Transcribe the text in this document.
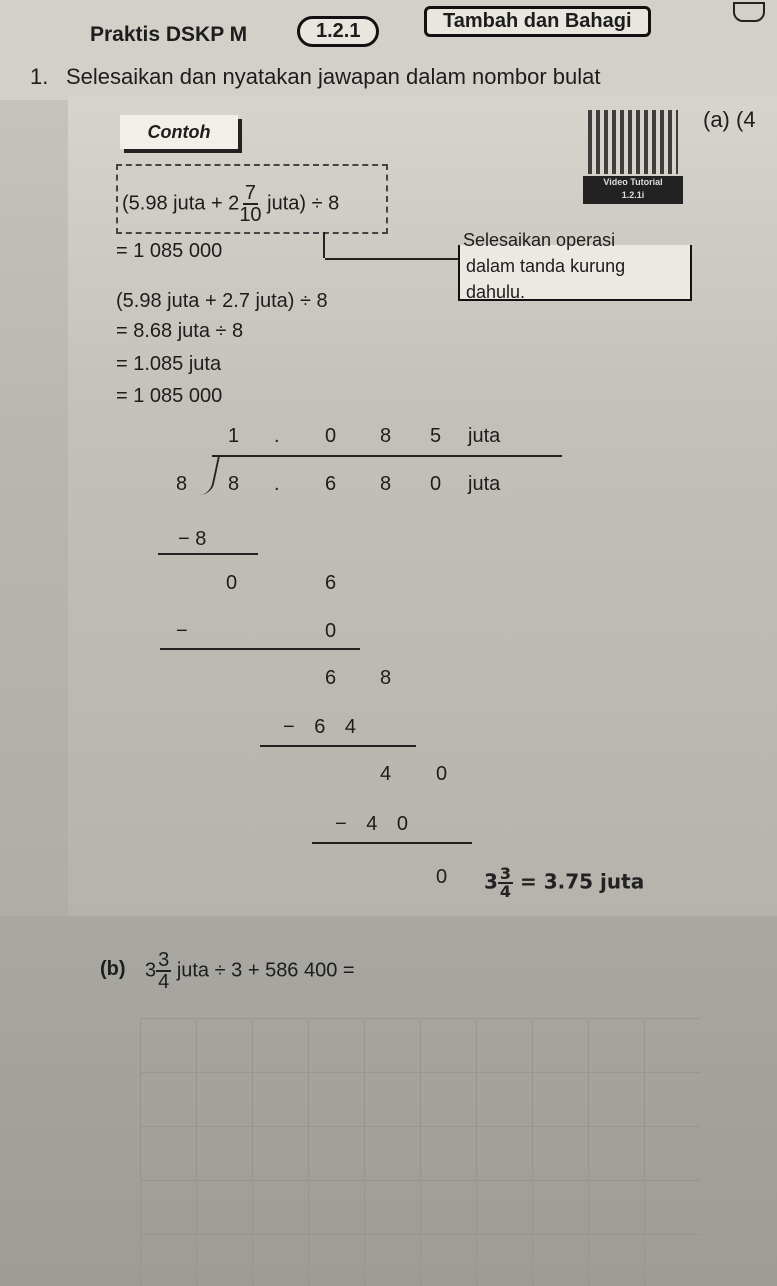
Praktis DSKP M	1.2.1	Tambah dan Bahagi
1. Selesaikan dan nyatakan jawapan dalam nombor bulat
Contoh
Video Tutorial
1.2.1i
(a) (4
(5.98 juta + $2 \frac{7}{10}$ juta) ÷ 8
= 1 085 000	Selesaikan operasi
dalam tanda kurung
dahulu.
(5.98 juta + 2.7 juta) ÷ 8
= 8.68 juta ÷ 8
= 1.085 juta
= 1 085 000
1 . 0 8 5 juta
8 8 . 6 8 0 juta
− 8
0	6
−	0
6 8
− 6 4
4 0
− 4 0
0 $3 \frac{3}{4} = 3.75$ juta
(b) $3 \frac{3}{4}$ juta ÷ 3 + 586 400 =
